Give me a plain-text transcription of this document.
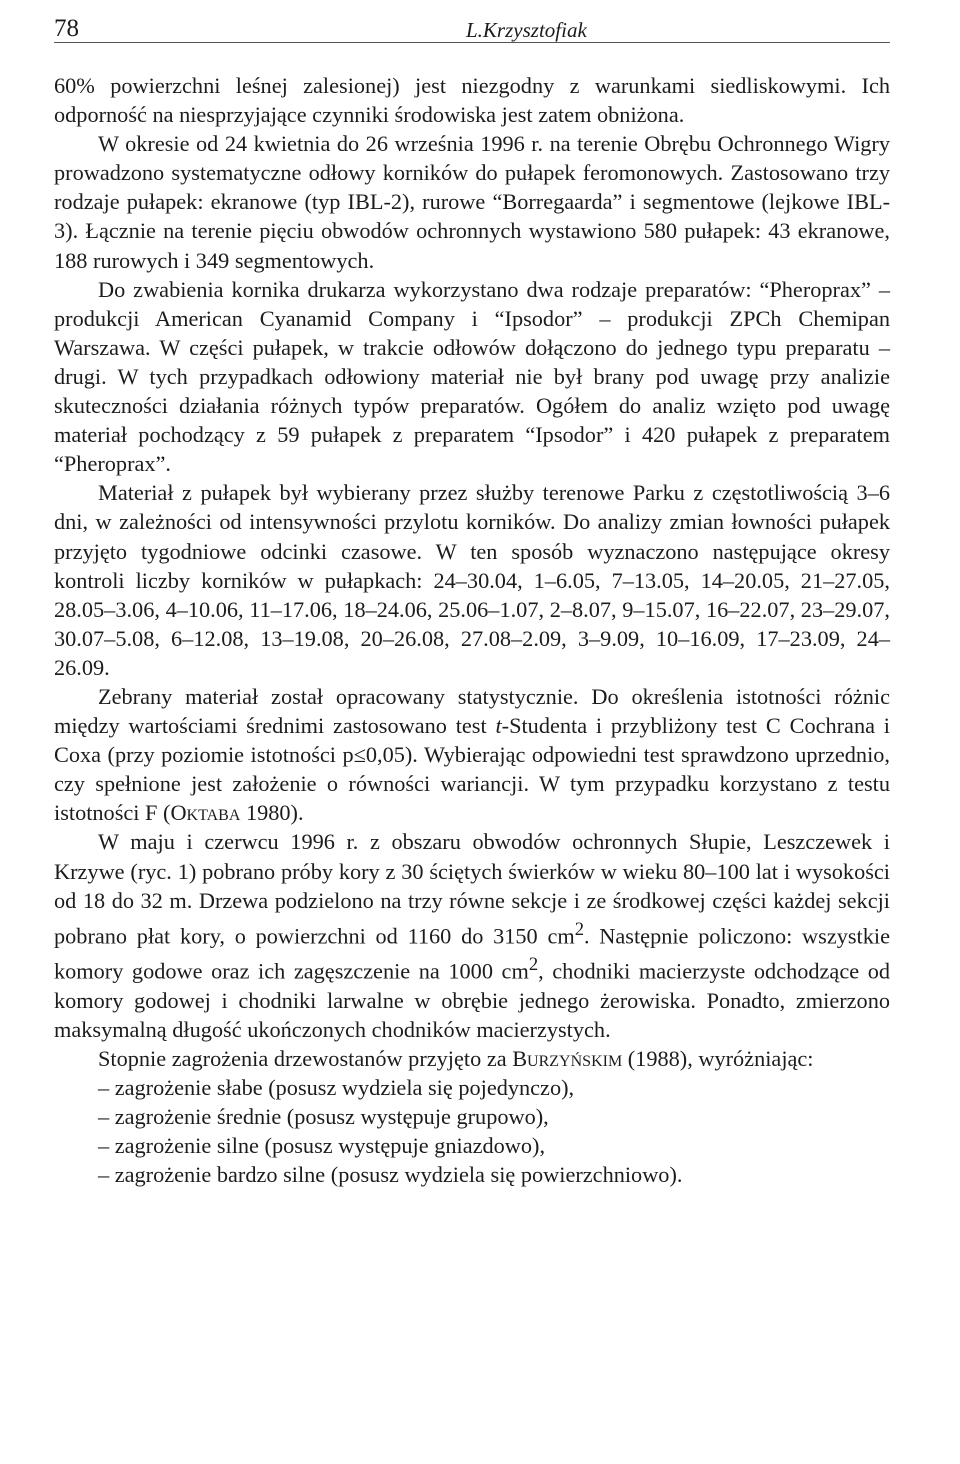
78	L.Krzysztofiak

60% powierzchni leśnej zalesionej) jest niezgodny z warunkami siedliskowymi. Ich odporność na niesprzyjające czynniki środowiska jest zatem obniżona.

W okresie od 24 kwietnia do 26 września 1996 r. na terenie Obrębu Ochronnego Wigry prowadzono systematyczne odłowy korników do pułapek feromonowych. Zastosowano trzy rodzaje pułapek: ekranowe (typ IBL-2), rurowe “Borregaarda” i segmentowe (lejkowe IBL-3). Łącznie na terenie pięciu obwodów ochronnych wystawiono 580 pułapek: 43 ekranowe, 188 rurowych i 349 segmentowych.

Do zwabienia kornika drukarza wykorzystano dwa rodzaje preparatów: “Pheroprax” – produkcji American Cyanamid Company i “Ipsodor” – produkcji ZPCh Chemipan Warszawa. W części pułapek, w trakcie odłowów dołączono do jednego typu preparatu – drugi. W tych przypadkach odłowiony materiał nie był brany pod uwagę przy analizie skuteczności działania różnych typów preparatów. Ogółem do analiz wzięto pod uwagę materiał pochodzący z 59 pułapek z preparatem “Ipsodor” i 420 pułapek z preparatem “Pheroprax”.

Materiał z pułapek był wybierany przez służby terenowe Parku z częstotliwością 3–6 dni, w zależności od intensywności przylotu korników. Do analizy zmian łowności pułapek przyjęto tygodniowe odcinki czasowe. W ten sposób wyznaczono następujące okresy kontroli liczby korników w pułapkach: 24–30.04, 1–6.05, 7–13.05, 14–20.05, 21–27.05, 28.05–3.06, 4–10.06, 11–17.06, 18–24.06, 25.06–1.07, 2–8.07, 9–15.07, 16–22.07, 23–29.07, 30.07–5.08, 6–12.08, 13–19.08, 20–26.08, 27.08–2.09, 3–9.09, 10–16.09, 17–23.09, 24–26.09.

Zebrany materiał został opracowany statystycznie. Do określenia istotności różnic między wartościami średnimi zastosowano test t-Studenta i przybliżony test C Cochrana i Coxa (przy poziomie istotności p≤0,05). Wybierając odpowiedni test sprawdzono uprzednio, czy spełnione jest założenie o równości wariancji. W tym przypadku korzystano z testu istotności F (Oktaba 1980).

W maju i czerwcu 1996 r. z obszaru obwodów ochronnych Słupie, Leszczewek i Krzywe (ryc. 1) pobrano próby kory z 30 ściętych świerków w wieku 80–100 lat i wysokości od 18 do 32 m. Drzewa podzielono na trzy równe sekcje i ze środkowej części każdej sekcji pobrano płat kory, o powierzchni od 1160 do 3150 $cm^2$. Następnie policzono: wszystkie komory godowe oraz ich zagęszczenie na 1000 $cm^2$, chodniki macierzyste odchodzące od komory godowej i chodniki larwalne w obrębie jednego żerowiska. Ponadto, zmierzono maksymalną długość ukończonych chodników macierzystych.

Stopnie zagrożenia drzewostanów przyjęto za Burzyńskim (1988), wyróżniając:

– zagrożenie słabe (posusz wydziela się pojedynczo),

– zagrożenie średnie (posusz występuje grupowo),

– zagrożenie silne (posusz występuje gniazdowo),

– zagrożenie bardzo silne (posusz wydziela się powierzchniowo).
